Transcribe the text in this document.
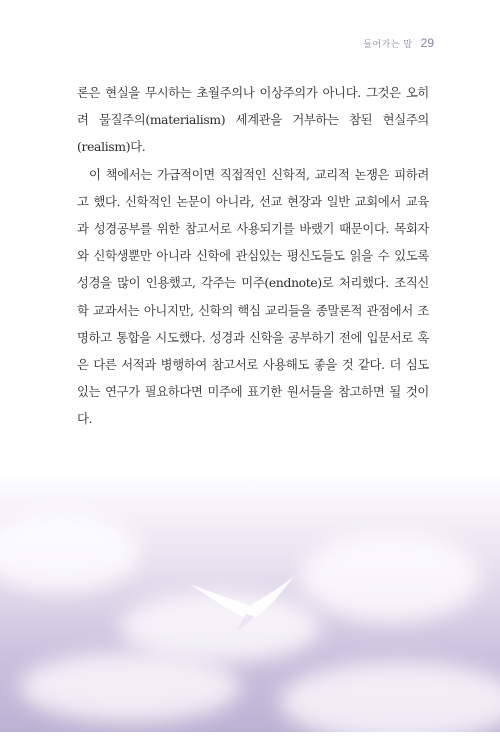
들어가는 말 29

론은 현실을 무시하는 초월주의나 이상주의가 아니다. 그것은 오히려 물질주의(materialism) 세계관을 거부하는 참된 현실주의(realism)다.

이 책에서는 가급적이면 직접적인 신학적, 교리적 논쟁은 피하려고 했다. 신학적인 논문이 아니라, 선교 현장과 일반 교회에서 교육과 성경공부를 위한 참고서로 사용되기를 바랬기 때문이다. 목회자와 신학생뿐만 아니라 신학에 관심있는 평신도들도 읽을 수 있도록 성경을 많이 인용했고, 각주는 미주(endnote)로 처리했다. 조직신학 교과서는 아니지만, 신학의 핵심 교리들을 종말론적 관점에서 조명하고 통합을 시도했다. 성경과 신학을 공부하기 전에 입문서로 혹은 다른 서적과 병행하여 참고서로 사용해도 좋을 것 같다. 더 심도 있는 연구가 필요하다면 미주에 표기한 원서들을 참고하면 될 것이다.
